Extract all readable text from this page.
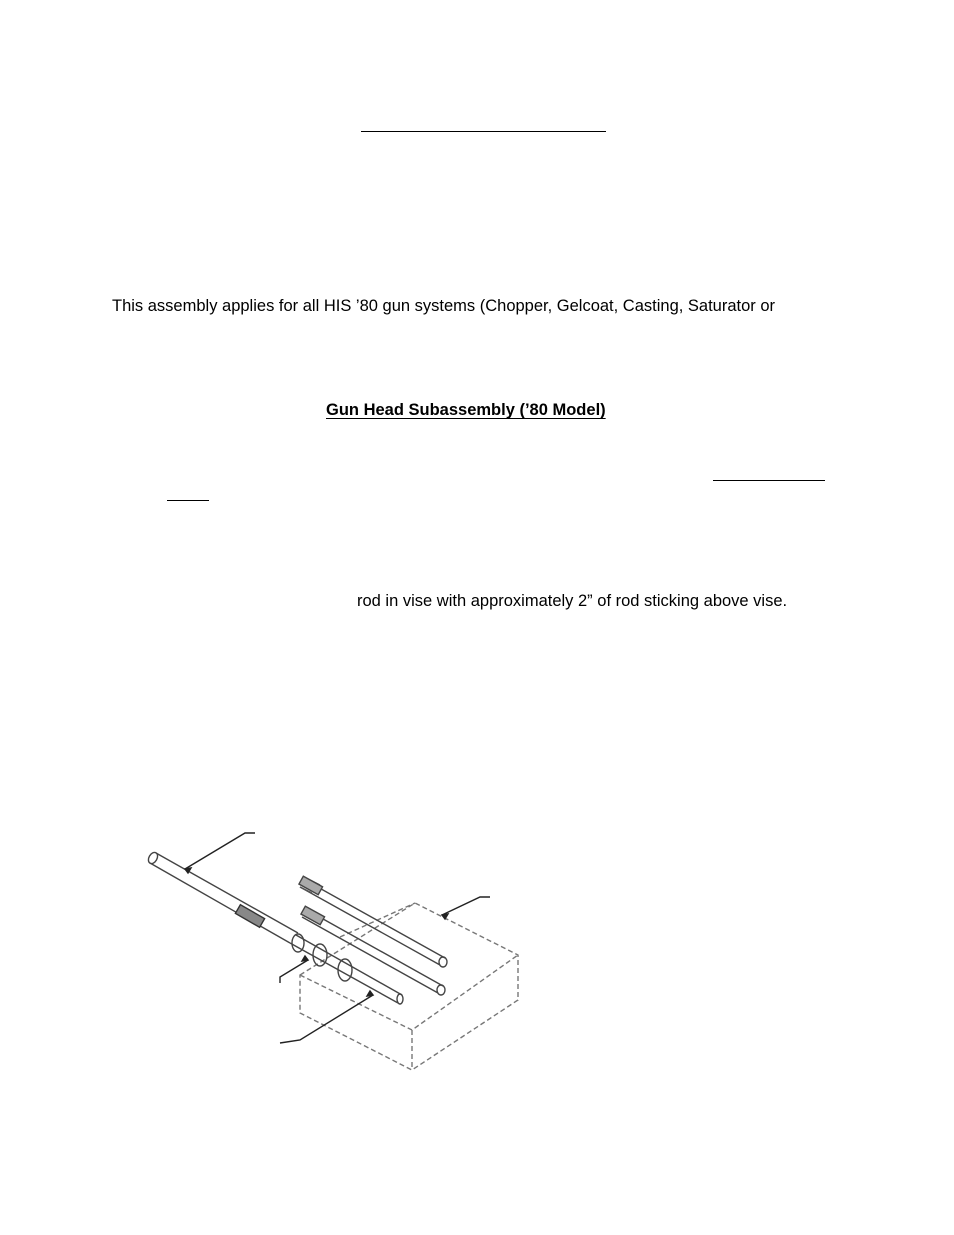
This assembly applies for all HIS ’80 gun systems (Chopper, Gelcoat, Casting, Saturator or
Gun Head Subassembly (’80 Model)
rod in vise with approximately 2” of rod sticking above vise.
